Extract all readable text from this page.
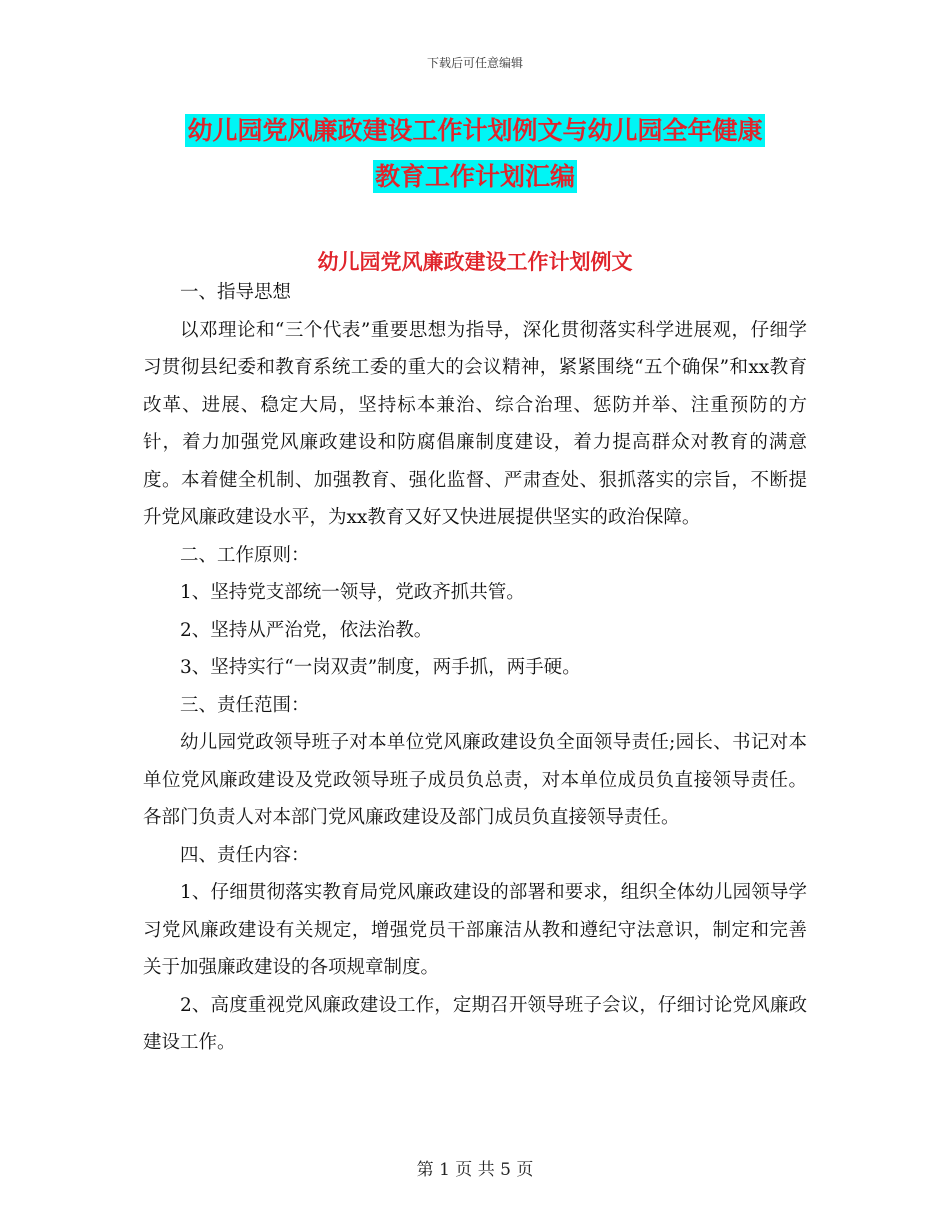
下载后可任意编辑
幼儿园党风廉政建设工作计划例文与幼儿园全年健康
教育工作计划汇编
幼儿园党风廉政建设工作计划例文

一、指导思想

以邓理论和“三个代表”重要思想为指导，深化贯彻落实科学进展观，仔细学习贯彻县纪委和教育系统工委的重大的会议精神，紧紧围绕“五个确保”和xx教育改革、进展、稳定大局，坚持标本兼治、综合治理、惩防并举、注重预防的方针，着力加强党风廉政建设和防腐倡廉制度建设，着力提高群众对教育的满意度。本着健全机制、加强教育、强化监督、严肃查处、狠抓落实的宗旨，不断提升党风廉政建设水平，为xx教育又好又快进展提供坚实的政治保障。

二、工作原则：

1、坚持党支部统一领导，党政齐抓共管。

2、坚持从严治党，依法治教。

3、坚持实行“一岗双责”制度，两手抓，两手硬。

三、责任范围：

幼儿园党政领导班子对本单位党风廉政建设负全面领导责任;园长、书记对本单位党风廉政建设及党政领导班子成员负总责，对本单位成员负直接领导责任。各部门负责人对本部门党风廉政建设及部门成员负直接领导责任。

四、责任内容：

1、仔细贯彻落实教育局党风廉政建设的部署和要求，组织全体幼儿园领导学习党风廉政建设有关规定，增强党员干部廉洁从教和遵纪守法意识，制定和完善关于加强廉政建设的各项规章制度。

2、高度重视党风廉政建设工作，定期召开领导班子会议，仔细讨论党风廉政建设工作。

第 1 页 共 5 页
